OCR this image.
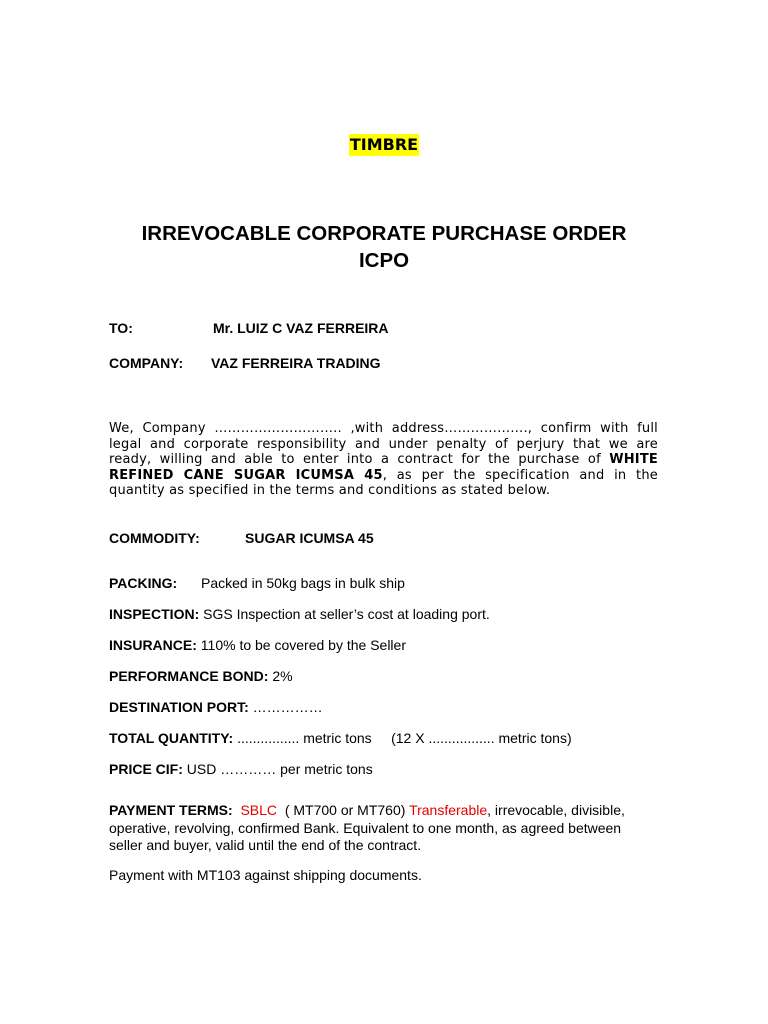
TIMBRE
IRREVOCABLE CORPORATE PURCHASE ORDER
ICPO
TO:	Mr. LUIZ C VAZ FERREIRA
COMPANY: VAZ FERREIRA TRADING
We, Company ……………………….. ,with address………………., confirm with full legal and corporate responsibility and under penalty of perjury that we are ready, willing and able to enter into a contract for the purchase of WHITE REFINED CANE SUGAR ICUMSA 45, as per the specification and in the quantity as specified in the terms and conditions as stated below.
COMMODITY:	SUGAR ICUMSA 45
PACKING: Packed in 50kg bags in bulk ship
INSPECTION: SGS Inspection at seller’s cost at loading port.
INSURANCE: 110% to be covered by the Seller
PERFORMANCE BOND: 2%
DESTINATION PORT: ……………
TOTAL QUANTITY: ................ metric tons     (12 X ................. metric tons)
PRICE CIF: USD ………… per metric tons
PAYMENT TERMS: SBLC ( MT700 or MT760) Transferable, irrevocable, divisible, operative, revolving, confirmed Bank. Equivalent to one month, as agreed between seller and buyer, valid until the end of the contract.
Payment with MT103 against shipping documents.
